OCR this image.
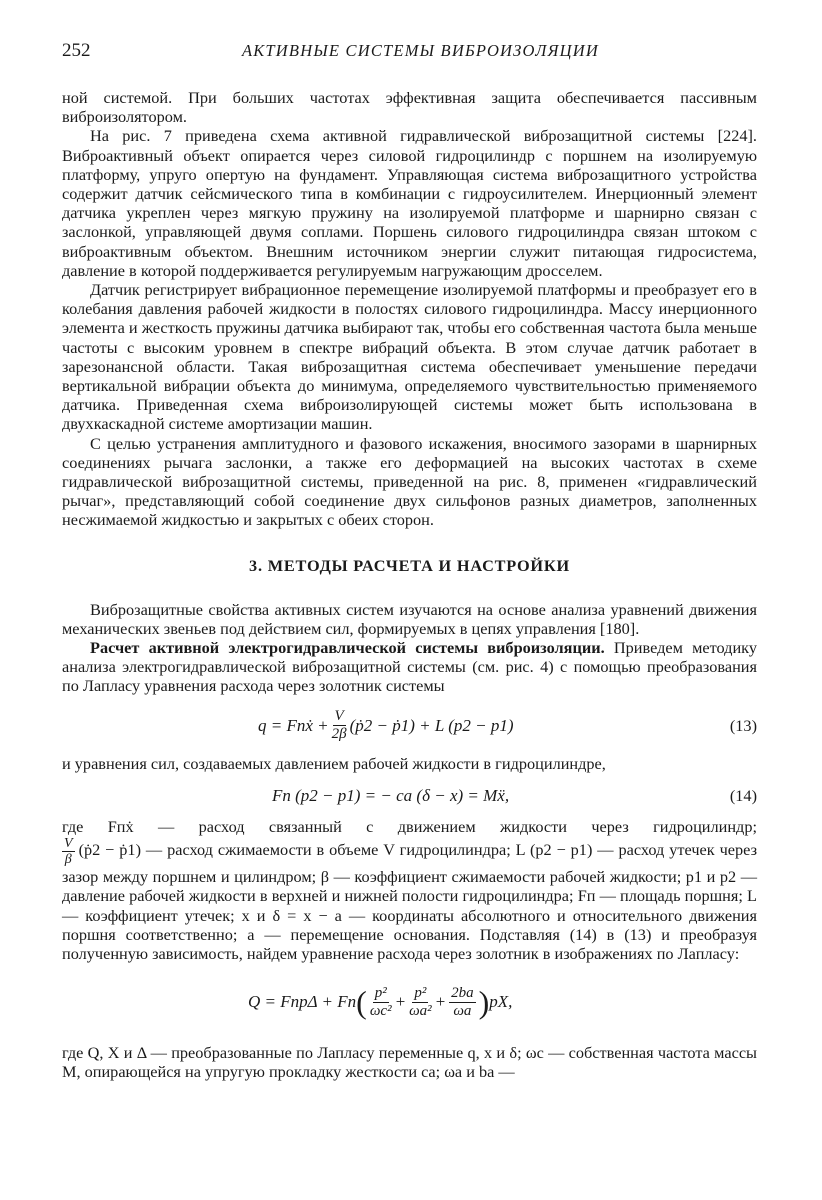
252	АКТИВНЫЕ СИСТЕМЫ ВИБРОИЗОЛЯЦИИ

ной системой. При больших частотах эффективная защита обеспечивается пассивным виброизолятором.

На рис. 7 приведена схема активной гидравлической виброзащитной системы [224]. Виброактивный объект опирается через силовой гидроцилиндр с поршнем на изолируемую платформу, упруго опертую на фундамент. Управляющая система виброзащитного устройства содержит датчик сейсмического типа в комбинации с гидроусилителем. Инерционный элемент датчика укреплен через мягкую пружину на изолируемой платформе и шарнирно связан с заслонкой, управляющей двумя соплами. Поршень силового гидроцилиндра связан штоком с виброактивным объектом. Внешним источником энергии служит питающая гидросистема, давление в которой поддерживается регулируемым нагружающим дросселем.

Датчик регистрирует вибрационное перемещение изолируемой платформы и преобразует его в колебания давления рабочей жидкости в полостях силового гидроцилиндра. Массу инерционного элемента и жесткость пружины датчика выбирают так, чтобы его собственная частота была меньше частоты с высоким уровнем в спектре вибраций объекта. В этом случае датчик работает в зарезонансной области. Такая виброзащитная система обеспечивает уменьшение передачи вертикальной вибрации объекта до минимума, определяемого чувствительностью применяемого датчика. Приведенная схема виброизолирующей системы может быть использована в двухкаскадной системе амортизации машин.

С целью устранения амплитудного и фазового искажения, вносимого зазорами в шарнирных соединениях рычага заслонки, а также его деформацией на высоких частотах в схеме гидравлической виброзащитной системы, приведенной на рис. 8, применен «гидравлический рычаг», представляющий собой соединение двух сильфонов разных диаметров, заполненных несжимаемой жидкостью и закрытых с обеих сторон.

3. МЕТОДЫ РАСЧЕТА И НАСТРОЙКИ

Виброзащитные свойства активных систем изучаются на основе анализа уравнений движения механических звеньев под действием сил, формируемых в цепях управления [180].

Расчет активной электрогидравлической системы виброизоляции. Приведем методику анализа электрогидравлической виброзащитной системы (см. рис. 4) с помощью преобразования по Лапласу уравнения расхода через золотник системы

q = Fпẋ + $\frac{V}{2\beta}$ (ṗ2 − ṗ1) + L (p2 − p1)	(13)

и уравнения сил, создаваемых давлением рабочей жидкости в гидроцилиндре,

Fп (p2 − p1) = − ca (δ − x) = Mẍ,	(14)

где Fпẋ — расход связанный с движением жидкости через гидроцилиндр;

$\frac{V}{\beta}$ (ṗ2 − ṗ1) — расход сжимаемости в объеме V гидроцилиндра; L (p2 − p1) — расход утечек через зазор между поршнем и цилиндром; β — коэффициент сжимаемости рабочей жидкости; p1 и p2 — давление рабочей жидкости в верхней и нижней полости гидроцилиндра; Fп — площадь поршня; L — коэффициент утечек; x и δ = x − a — координаты абсолютного и относительного движения поршня соответственно; a — перемещение основания. Подставляя (14) в (13) и преобразуя полученную зависимость, найдем уравнение расхода через золотник в изображениях по Лапласу:

Q = FпpΔ + Fп ( $\frac{\text{p²}}{\text{ωc²}} + \frac{\text{p²}}{\text{ωa²}} + \frac{2ba}{\omega a}$ ) pX,

где Q, X и Δ — преобразованные по Лапласу переменные q, x и δ; ωc — собственная частота массы M, опирающейся на упругую прокладку жесткости ca; ωa и ba —
